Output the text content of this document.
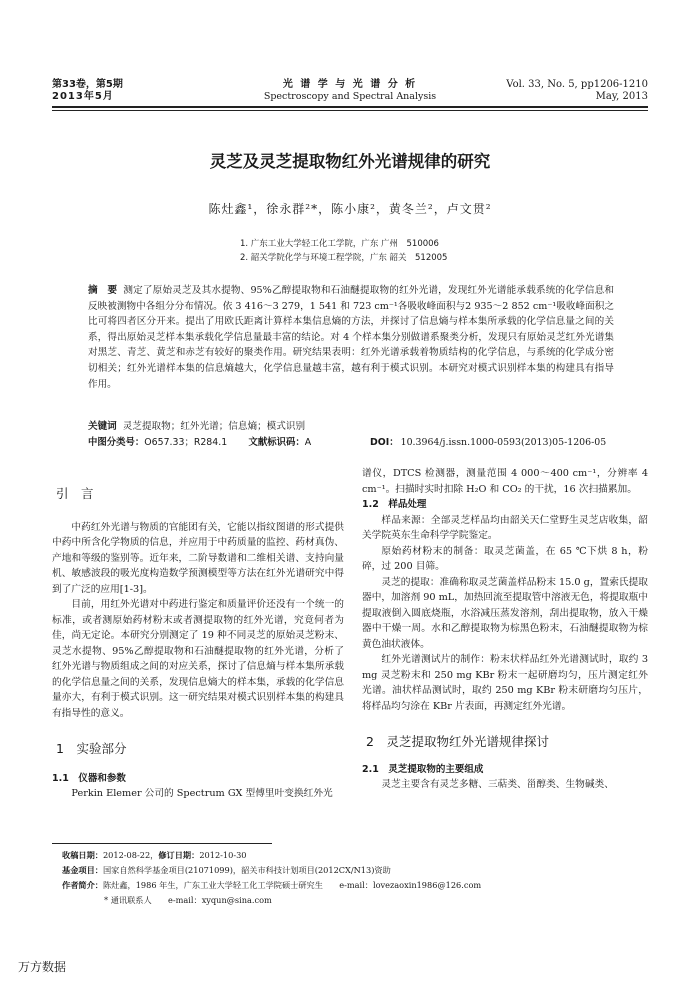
第33卷，第5期
2013年5月
光 谱 学 与 光 谱 分 析
Spectroscopy and Spectral Analysis
Vol. 33, No. 5, pp1206-1210
May, 2013
灵芝及灵芝提取物红外光谱规律的研究
陈灶鑫¹，徐永群²*，陈小康²，黄冬兰²，卢文贯²
1. 广东工业大学轻工化工学院，广东 广州　510006
2. 韶关学院化学与环境工程学院，广东 韶关　512005
摘　要 测定了原始灵芝及其水提物、95%乙醇提取物和石油醚提取物的红外光谱，发现红外光谱能承载系统的化学信息和反映被测物中各组分分布情况。依 3 416～3 279，1 541 和 723 cm⁻¹各吸收峰面积与2 935～2 852 cm⁻¹吸收峰面积之比可将四者区分开来。提出了用欧氏距离计算样本集信息熵的方法，并探讨了信息熵与样本集所承载的化学信息量之间的关系，得出原始灵芝样本集承载化学信息量最丰富的结论。对 4 个样本集分别做谱系聚类分析，发现只有原始灵芝红外光谱集对黑芝、青芝、黄芝和赤芝有较好的聚类作用。研究结果表明：红外光谱承载着物质结构的化学信息，与系统的化学成分密切相关；红外光谱样本集的信息熵越大，化学信息量越丰富，越有利于模式识别。本研究对模式识别样本集的构建具有指导作用。
关键词 灵芝提取物；红外光谱；信息熵；模式识别
中图分类号：O657.33；R284.1 文献标识码：A	DOI： 10.3964/j.issn.1000-0593(2013)05-1206-05
引　言

中药红外光谱与物质的官能团有关，它能以指纹图谱的形式提供中药中所含化学物质的信息，并应用于中药质量的监控、药材真伪、产地和等级的鉴别等。近年来，二阶导数谱和二维相关谱、支持向量机、敏感波段的吸光度构造数学预测模型等方法在红外光谱研究中得到了广泛的应用[1-3]。

目前，用红外光谱对中药进行鉴定和质量评价还没有一个统一的标准，或者测原始药材粉末或者测提取物的红外光谱，究竟何者为佳，尚无定论。本研究分别测定了 19 种不同灵芝的原始灵芝粉末、灵芝水提物、95%乙醇提取物和石油醚提取物的红外光谱，分析了红外光谱与物质组成之间的对应关系，探讨了信息熵与样本集所承载的化学信息量之间的关系，发现信息熵大的样本集，承载的化学信息量亦大，有利于模式识别。这一研究结果对模式识别样本集的构建具有指导性的意义。

1　实验部分
1.1　仪器和参数

Perkin Elemer 公司的 Spectrum GX 型傅里叶变换红外光

谱仪，DTCS 检测器，测量范围 4 000～400 cm⁻¹，分辨率 4 cm⁻¹。扫描时实时扣除 H₂O 和 CO₂ 的干扰，16 次扫描累加。
1.2　样品处理

样品来源：全部灵芝样品均由韶关天仁堂野生灵芝店收集，韶关学院英东生命科学学院鉴定。

原始药材粉末的制备：取灵芝菌盖，在 65 ℃下烘 8 h，粉碎，过 200 目筛。

灵芝的提取：准确称取灵芝菌盖样品粉末 15.0 g，置索氏提取器中，加溶剂 90 mL，加热回流至提取管中溶液无色，将提取瓶中提取液倒入圆底烧瓶，水浴减压蒸发溶剂，刮出提取物，放入干燥器中干燥一周。水和乙醇提取物为棕黑色粉末，石油醚提取物为棕黄色油状液体。

红外光谱测试片的制作：粉末状样品红外光谱测试时，取约 3 mg 灵芝粉末和 250 mg KBr 粉末一起研磨均匀，压片测定红外光谱。油状样品测试时，取约 250 mg KBr 粉末研磨均匀压片，将样品均匀涂在 KBr 片表面，再测定红外光谱。

2　灵芝提取物红外光谱规律探讨
2.1　灵芝提取物的主要组成

灵芝主要含有灵芝多糖、三萜类、甾醇类、生物碱类、

收稿日期：2012-08-22，修订日期：2012-10-30
基金项目：国家自然科学基金项目(21071099)，韶关市科技计划项目(2012CX/N13)资助
作者简介：陈灶鑫，1986 年生，广东工业大学轻工化工学院硕士研究生　　e-mail：lovezaoxin1986@126.com
* 通讯联系人　　e-mail：xyqun@sina.com
万方数据
